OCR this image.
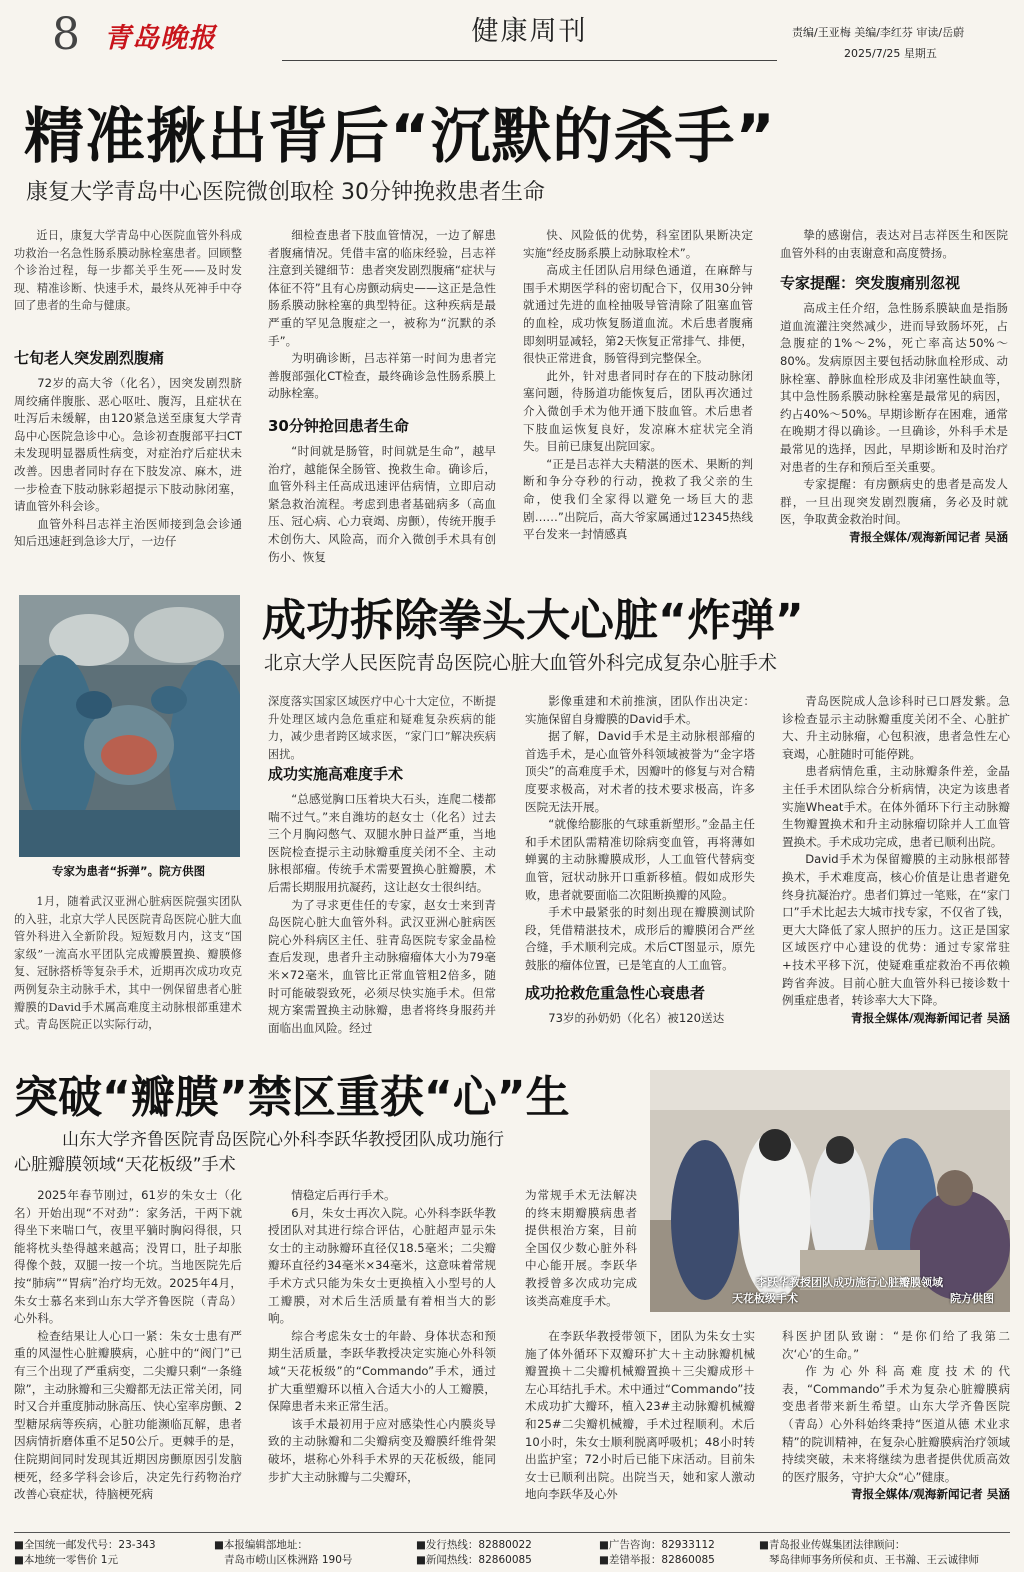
8 青岛晚报	健康周刊	责编/王亚梅 美编/李红芬 审读/岳蔚
2025/7/25 星期五
精准揪出背后“沉默的杀手”
康复大学青岛中心医院微创取栓 30分钟挽救患者生命
近日，康复大学青岛中心医院血管外科成功救治一名急性肠系膜动脉栓塞患者。回顾整个诊治过程，每一步都关乎生死——及时发现、精准诊断、快速手术，最终从死神手中夺回了患者的生命与健康。
七旬老人突发剧烈腹痛

72岁的高大爷（化名），因突发剧烈脐周绞痛伴腹胀、恶心呕吐、腹泻，且症状在吐泻后未缓解，由120紧急送至康复大学青岛中心医院急诊中心。急诊初查腹部平扫CT未发现明显器质性病变，对症治疗后症状未改善。因患者同时存在下肢发凉、麻木，进一步检查下肢动脉彩超提示下肢动脉闭塞，请血管外科会诊。

血管外科吕志祥主治医师接到急会诊通知后迅速赶到急诊大厅，一边仔

细检查患者下肢血管情况，一边了解患者腹痛情况。凭借丰富的临床经验，吕志祥注意到关键细节：患者突发剧烈腹痛“症状与体征不符”且有心房颤动病史——这正是急性肠系膜动脉栓塞的典型特征。这种疾病是最严重的罕见急腹症之一，被称为“沉默的杀手”。

为明确诊断，吕志祥第一时间为患者完善腹部强化CT检查，最终确诊急性肠系膜上动脉栓塞。

30分钟抢回患者生命

“时间就是肠管，时间就是生命”，越早治疗，越能保全肠管、挽救生命。确诊后，血管外科主任高成迅速评估病情，立即启动紧急救治流程。考虑到患者基础病多（高血压、冠心病、心力衰竭、房颤），传统开腹手术创伤大、风险高，而介入微创手术具有创伤小、恢复

快、风险低的优势，科室团队果断决定实施“经皮肠系膜上动脉取栓术”。

高成主任团队启用绿色通道，在麻醉与围手术期医学科的密切配合下，仅用30分钟就通过先进的血栓抽吸导管清除了阻塞血管的血栓，成功恢复肠道血流。术后患者腹痛即刻明显减轻，第2天恢复正常排气、排便，很快正常进食，肠管得到完整保全。

此外，针对患者同时存在的下肢动脉闭塞问题，待肠道功能恢复后，团队再次通过介入微创手术为他开通下肢血管。术后患者下肢血运恢复良好，发凉麻木症状完全消失。目前已康复出院回家。

“正是吕志祥大夫精湛的医术、果断的判断和争分夺秒的行动，挽救了我父亲的生命，使我们全家得以避免一场巨大的悲剧……”出院后，高大爷家属通过12345热线平台发来一封情感真

挚的感谢信，表达对吕志祥医生和医院血管外科的由衷谢意和高度赞扬。

专家提醒：突发腹痛别忽视

高成主任介绍，急性肠系膜缺血是指肠道血流灌注突然减少，进而导致肠坏死，占急腹症的1%～2%，死亡率高达50%～80%。发病原因主要包括动脉血栓形成、动脉栓塞、静脉血栓形成及非闭塞性缺血等，其中急性肠系膜动脉栓塞是最常见的病因，约占40%～50%。早期诊断存在困难，通常在晚期才得以确诊。一旦确诊，外科手术是最常见的选择，因此，早期诊断和及时治疗对患者的生存和预后至关重要。

专家提醒：有房颤病史的患者是高发人群，一旦出现突发剧烈腹痛，务必及时就医，争取黄金救治时间。

青报全媒体/观海新闻记者 吴涵
专家为患者“拆弹”。院方供图
成功拆除拳头大心脏“炸弹”
北京大学人民医院青岛医院心脏大血管外科完成复杂心脏手术
1月，随着武汉亚洲心脏病医院强实团队的入驻，北京大学人民医院青岛医院心脏大血管外科进入全新阶段。短短数月内，这支“国家级”一流高水平团队完成瓣膜置换、瓣膜修复、冠脉搭桥等复杂手术，近期再次成功攻克两例复杂主动脉手术，其中一例保留患者心脏瓣膜的David手术属高难度主动脉根部重建术式。青岛医院正以实际行动，
深度落实国家区域医疗中心十大定位，不断提升处理区域内急危重症和疑难复杂疾病的能力，减少患者跨区域求医，“家门口”解决疾病困扰。
成功实施高难度手术

“总感觉胸口压着块大石头，连爬二楼都喘不过气。”来自潍坊的赵女士（化名）过去三个月胸闷憋气、双腿水肿日益严重，当地医院检查提示主动脉瓣重度关闭不全、主动脉根部瘤。传统手术需要置换心脏瓣膜，术后需长期服用抗凝药，这让赵女士很纠结。

为了寻求更佳任的专家，赵女士来到青岛医院心脏大血管外科。武汉亚洲心脏病医院心外科病区主任、驻青岛医院专家金晶检查后发现，患者升主动脉瘤瘤体大小为79毫米×72毫米，血管比正常血管粗2倍多，随时可能破裂致死，必须尽快实施手术。但常规方案需置换主动脉瓣，患者将终身服药并面临出血风险。经过

影像重建和术前推演，团队作出决定：实施保留自身瓣膜的David手术。

据了解，David手术是主动脉根部瘤的首选手术，是心血管外科领域被誉为“金字塔顶尖”的高难度手术，因瓣叶的修复与对合精度要求极高，对术者的技术要求极高，许多医院无法开展。

“就像给膨胀的气球重新塑形。”金晶主任和手术团队需精准切除病变血管，再将薄如蝉翼的主动脉瓣膜成形，人工血管代替病变血管，冠状动脉开口重新移植。假如成形失败，患者就要面临二次阻断换瓣的风险。

手术中最紧张的时刻出现在瓣膜测试阶段，凭借精湛技术，成形后的瓣膜闭合严丝合缝，手术顺利完成。术后CT图显示，原先鼓胀的瘤体位置，已是笔直的人工血管。

成功抢救危重急性心衰患者

73岁的孙奶奶（化名）被120送达

青岛医院成人急诊科时已口唇发紫。急诊检查显示主动脉瓣重度关闭不全、心脏扩大、升主动脉瘤，心包积液，患者急性左心衰竭，心脏随时可能停跳。

患者病情危重，主动脉瓣条件差，金晶主任手术团队综合分析病情，决定为该患者实施Wheat手术。在体外循环下行主动脉瓣生物瓣置换术和升主动脉瘤切除并人工血管置换术。手术成功完成，患者已顺利出院。

David手术为保留瓣膜的主动脉根部替换术，手术难度高，核心价值是让患者避免终身抗凝治疗。患者们算过一笔账，在“家门口”手术比起去大城市找专家，不仅省了钱，更大大降低了家人照护的压力。这正是国家区域医疗中心建设的优势：通过专家常驻+技术平移下沉，使疑难重症救治不再依赖跨省奔波。目前心脏大血管外科已接诊数十例重症患者，转诊率大大下降。

青报全媒体/观海新闻记者 吴涵
突破“瓣膜”禁区重获“心”生
山东大学齐鲁医院青岛医院心外科李跃华教授团队成功施行
心脏瓣膜领域“天花板级”手术
李跃华教授团队成功施行心脏瓣膜领域
天花板级手术	院方供图

2025年春节刚过，61岁的朱女士（化名）开始出现“不对劲”：家务活，干两下就得坐下来喘口气，夜里平躺时胸闷得很，只能将枕头垫得越来越高；没胃口，肚子却胀得像个鼓，双腿一按一个坑。当地医院先后按“肺病”“胃病”治疗均无效。2025年4月，朱女士慕名来到山东大学齐鲁医院（青岛）心外科。

检查结果让人心口一紧：朱女士患有严重的风湿性心脏瓣膜病，心脏中的“阀门”已有三个出现了严重病变，二尖瓣只剩“一条缝隙”，主动脉瓣和三尖瓣都无法正常关闭，同时又合并重度肺动脉高压、快心室率房颤、2型糖尿病等疾病，心脏功能濒临瓦解，患者因病情折磨体重不足50公斤。更棘手的是，住院期间同时发现其近期因房颤原因引发脑梗死，经多学科会诊后，决定先行药物治疗改善心衰症状，待脑梗死病

情稳定后再行手术。

6月，朱女士再次入院。心外科李跃华教授团队对其进行综合评估，心脏超声显示朱女士的主动脉瓣环直径仅18.5毫米；二尖瓣瓣环直径约34毫米×34毫米，这意味着常规手术方式只能为朱女士更换植入小型号的人工瓣膜，对术后生活质量有着相当大的影响。

综合考虑朱女士的年龄、身体状态和预期生活质量，李跃华教授决定实施心外科领域“天花板级”的“Commando”手术，通过扩大重塑瓣环以植入合适大小的人工瓣膜，保障患者未来正常生活。

该手术最初用于应对感染性心内膜炎导致的主动脉瓣和二尖瓣病变及瓣膜纤维骨架破坏，堪称心外科手术界的天花板级，能同步扩大主动脉瓣与二尖瓣环，

为常规手术无法解决的终末期瓣膜病患者提供根治方案，目前全国仅少数心脏外科中心能开展。李跃华教授曾多次成功完成该类高难度手术。

在李跃华教授带领下，团队为朱女士实施了体外循环下双瓣环扩大＋主动脉瓣机械瓣置换＋二尖瓣机械瓣置换＋三尖瓣成形＋左心耳结扎手术。术中通过“Commando”技术成功扩大瓣环，植入23#主动脉瓣机械瓣和25#二尖瓣机械瓣，手术过程顺利。术后10小时，朱女士顺利脱离呼吸机；48小时转出监护室；72小时后已能下床活动。目前朱女士已顺利出院。出院当天，她和家人激动地向李跃华及心外

科医护团队致谢：“是你们给了我第二次‘心’的生命。”

作为心外科高难度技术的代表，“Commando”手术为复杂心脏瓣膜病变患者带来新生希望。山东大学齐鲁医院（青岛）心外科始终秉持“医道从德 术业求精”的院训精神，在复杂心脏瓣膜病治疗领域持续突破，未来将继续为患者提供优质高效的医疗服务，守护大众“心”健康。

青报全媒体/观海新闻记者 吴涵
■全国统一邮发代号：23-343
■本地统一零售价 1元
■本报编辑部地址：
青岛市崂山区株洲路 190号
■发行热线：82880022
■新闻热线：82860085
■广告咨询：82933112
■差错举报：82860085
■青岛报业传媒集团法律顾问：
琴岛律师事务所侯和贞、王书瀚、王云诚律师
